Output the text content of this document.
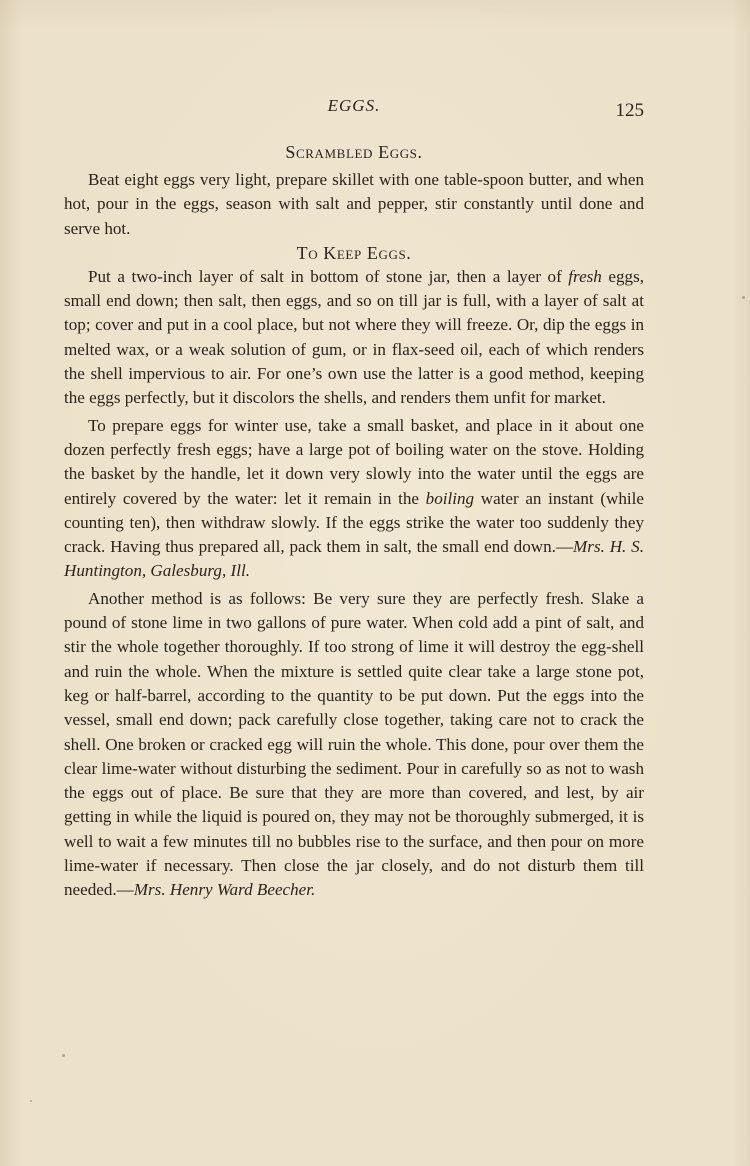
EGGS.	125
Scrambled Eggs.

Beat eight eggs very light, prepare skillet with one table-spoon butter, and when hot, pour in the eggs, season with salt and pepper, stir constantly until done and serve hot.

To Keep Eggs.

Put a two-inch layer of salt in bottom of stone jar, then a layer of fresh eggs, small end down; then salt, then eggs, and so on till jar is full, with a layer of salt at top; cover and put in a cool place, but not where they will freeze. Or, dip the eggs in melted wax, or a weak solution of gum, or in flax-seed oil, each of which renders the shell impervious to air. For one’s own use the latter is a good method, keeping the eggs perfectly, but it discolors the shells, and renders them unfit for market.

To prepare eggs for winter use, take a small basket, and place in it about one dozen perfectly fresh eggs; have a large pot of boiling water on the stove. Holding the basket by the handle, let it down very slowly into the water until the eggs are entirely covered by the water: let it remain in the boiling water an instant (while counting ten), then withdraw slowly. If the eggs strike the water too suddenly they crack. Having thus prepared all, pack them in salt, the small end down.—Mrs. H. S. Huntington, Galesburg, Ill.

Another method is as follows: Be very sure they are perfectly fresh. Slake a pound of stone lime in two gallons of pure water. When cold add a pint of salt, and stir the whole together thoroughly. If too strong of lime it will destroy the egg-shell and ruin the whole. When the mixture is settled quite clear take a large stone pot, keg or half-barrel, according to the quantity to be put down. Put the eggs into the vessel, small end down; pack carefully close together, taking care not to crack the shell. One broken or cracked egg will ruin the whole. This done, pour over them the clear lime-water without disturbing the sediment. Pour in carefully so as not to wash the eggs out of place. Be sure that they are more than covered, and lest, by air getting in while the liquid is poured on, they may not be thoroughly submerged, it is well to wait a few minutes till no bubbles rise to the surface, and then pour on more lime-water if necessary. Then close the jar closely, and do not disturb them till needed.—Mrs. Henry Ward Beecher.
